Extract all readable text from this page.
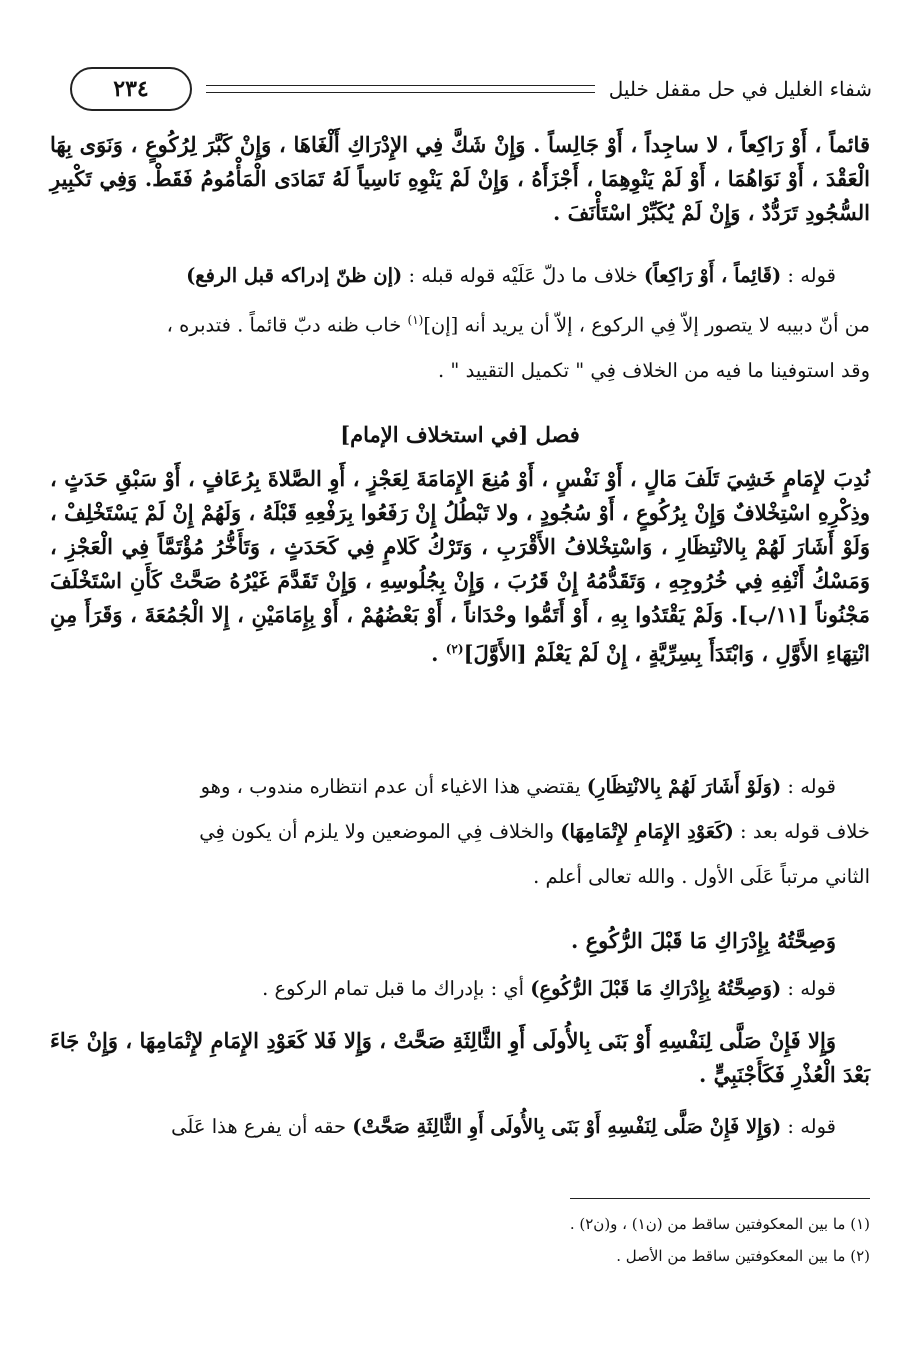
شفاء الغليل في حل مقفل خليل
٢٣٤

قائماً ، أَوْ رَاكِعاً ، لا ساجِداً ، أَوْ جَالِساً . وَإِنْ شَكَّ فِي الإِدْرَاكِ أَلْغَاهَا ، وَإِنْ كَبَّرَ لِرُكُوعٍ ، وَنَوَى بِهَا الْعَقْدَ ، أَوْ نَوَاهُمَا ، أَوْ لَمْ يَنْوِهِمَا ، أَجْزَأَهُ ، وَإِنْ لَمْ يَنْوِهِ نَاسِياً لَهُ تَمَادَى الْمَأْمُومُ فَقَطْ. وَفِي تَكْبِيرِ السُّجُودِ تَرَدُّدٌ ، وَإِنْ لَمْ يُكَبِّرْ اسْتَأْنَفَ .

قوله : (قَائِماً ، أَوْ رَاكِعاً) خلاف ما دلّ عَلَيْه قوله قبله : (إن ظنّ إدراكه قبل الرفع)

من أنّ دبيبه لا يتصور إلاّ فِي الركوع ، إلاّ أن يريد أنه [إن]$^{(١)}$ خاب ظنه دبّ قائماً . فتدبره ،

وقد استوفينا ما فيه من الخلاف فِي " تكميل التقييد " .

فصل [في استخلاف الإمام]

نُدِبَ لإِمَامٍ خَشِيَ تَلَفَ مَالٍ ، أَوْ نَفْسٍ ، أَوْ مُنِعَ الإِمَامَةَ لِعَجْزٍ ، أَوِ الصَّلاةَ بِرُعَافٍ ، أَوْ سَبْقِ حَدَثٍ ، وذِكْرِهِ اسْتِخْلافٌ وَإِنْ بِرُكُوعٍ ، أَوْ سُجُودٍ ، ولا تَبْطُلُ إِنْ رَفَعُوا بِرَفْعِهِ قَبْلَهُ ، وَلَهُمْ إِنْ لَمْ يَسْتَخْلِفْ ، وَلَوْ أَشَارَ لَهُمْ بِالانْتِظَارِ ، وَاسْتِخْلافُ الأَقْرَبِ ، وَتَرْكُ كَلامٍ فِي كَحَدَثٍ ، وَتَأَخُّرُ مُؤْتَمَّاً فِي الْعَجْزِ ، وَمَسْكُ أَنْفِهِ فِي خُرُوجِهِ ، وَتَقَدُّمُهُ إِنْ قَرُبَ ، وَإِنْ بِجُلُوسِهِ ، وَإِنْ تَقَدَّمَ غَيْرُهُ صَحَّتْ كَأَنِ اسْتَخْلَفَ مَجْنُوناً [١١/ب]. وَلَمْ يَقْتَدُوا بِهِ ، أَوْ أَتَمُّوا وحْدَاناً ، أَوْ بَعْضُهُمْ ، أَوْ بِإِمَامَيْنِ ، إِلا الْجُمُعَةَ ، وَقَرَأَ مِنِ انْتِهَاءِ الأَوَّلِ ، وَابْتَدَأَ بِسِرِّيَّةٍ ، إِنْ لَمْ يَعْلَمْ [الأَوَّلَ]$^{(٢)}$ .

قوله : (وَلَوْ أَشَارَ لَهُمْ بِالانْتِظَارِ) يقتضي هذا الاغياء أن عدم انتظاره مندوب ، وهو

خلاف قوله بعد : (كَعَوْدِ الإِمَامِ لإِتْمَامِهَا) والخلاف فِي الموضعين ولا يلزم أن يكون فِي

الثاني مرتباً عَلَى الأول . والله تعالى أعلم .

وَصِحَّتُهُ بِإِدْرَاكِ مَا قَبْلَ الرُّكُوعِ .

قوله : (وَصِحَّتُهُ بِإِدْرَاكِ مَا قَبْلَ الرُّكُوعِ) أي : بإدراك ما قبل تمام الركوع .

وَإِلا فَإِنْ صَلَّى لِنَفْسِهِ أَوْ بَنَى بِالأُولَى أَوِ الثَّالِثَةِ صَحَّتْ ، وَإِلا فَلا كَعَوْدِ الإِمَامِ لإِتْمَامِهَا ، وَإِنْ جَاءَ بَعْدَ الْعُذْرِ فَكَأَجْنَبِيٍّ .

قوله : (وَإِلا فَإِنْ صَلَّى لِنَفْسِهِ أَوْ بَنَى بِالأُولَى أَوِ الثَّالِثَةِ صَحَّتْ) حقه أن يفرع هذا عَلَى

(١) ما بين المعكوفتين ساقط من (ن١) ، و(ن٢) .

(٢) ما بين المعكوفتين ساقط من الأصل .
